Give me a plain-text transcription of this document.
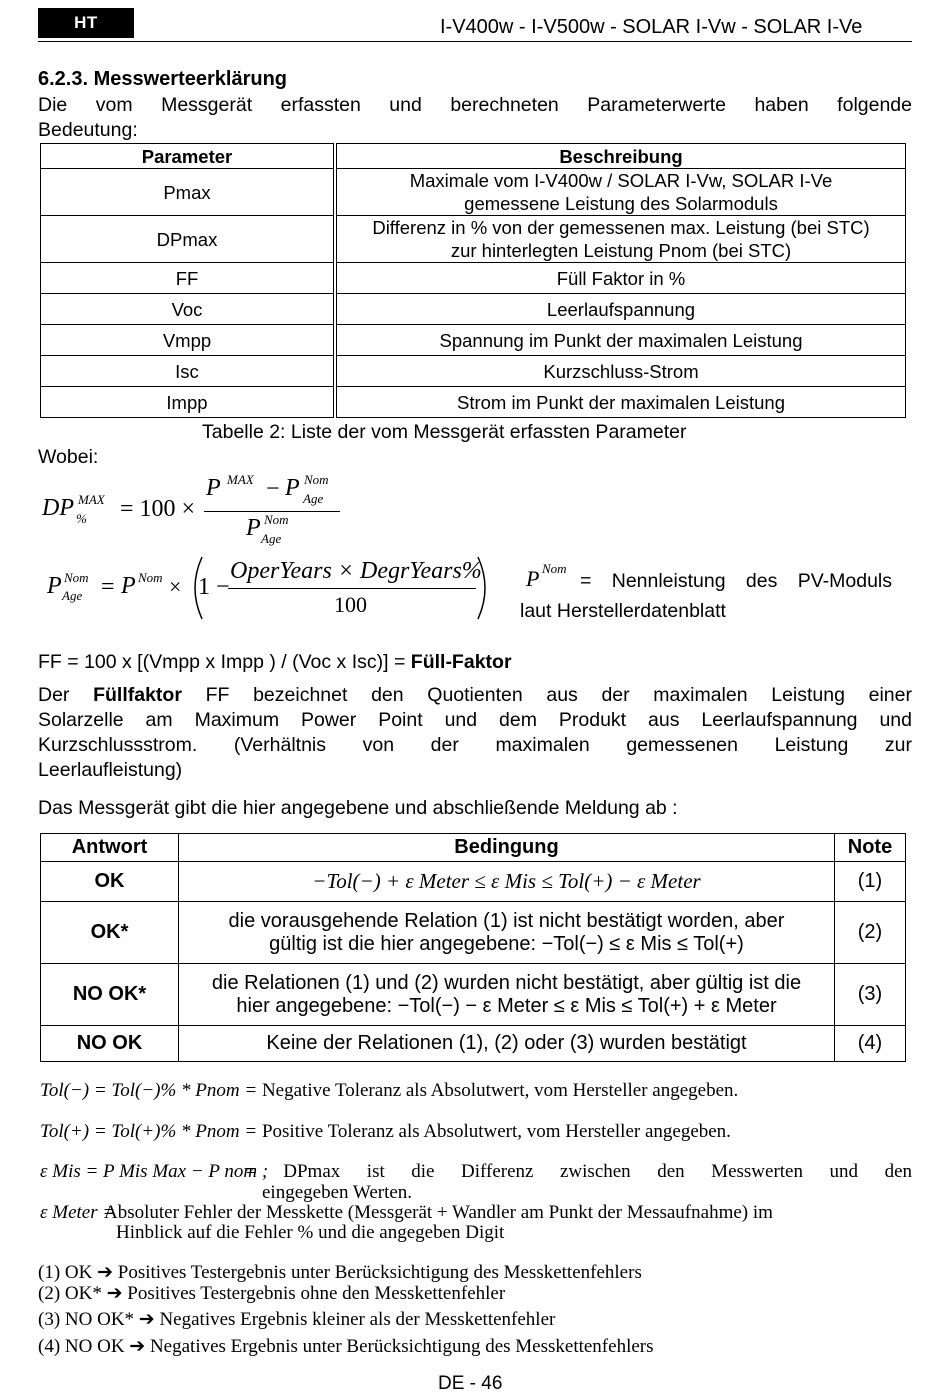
HT	I-V400w - I-V500w - SOLAR I-Vw - SOLAR I-Ve
6.2.3. Messwerteerklärung
Die vom Messgerät erfassten und berechneten Parameterwerte haben folgende
Bedeutung:
Parameter	Beschreibung
Pmax	Maximale vom I-V400w / SOLAR I-Vw, SOLAR I-Ve
gemessene Leistung des Solarmoduls

DPmax	Differenz in % von der gemessenen max. Leistung (bei STC)
zur hinterlegten Leistung Pnom (bei STC)

FF	Füll Faktor in %
Voc	Leerlaufspannung
Vmpp	Spannung im Punkt der maximalen Leistung
Isc	Kurzschluss-Strom
Impp	Strom im Punkt der maximalen Leistung
Tabelle 2: Liste der vom Messgerät erfassten Parameter
Wobei:
DP MAX
% = 100 ×
P MAX − P Nom
Age
P Nom
Age
P Nom
Age = P Nom × 1 −
OperYears × DegrYears%
100
P Nom
= Nennleistung des PV-Moduls
laut Herstellerdatenblatt
FF = 100 x [(Vmpp x Impp ) / (Voc x Isc)] = Füll-Faktor
Der Füllfaktor FF bezeichnet den Quotienten aus der maximalen Leistung einer
Solarzelle am Maximum Power Point und dem Produkt aus Leerlaufspannung und
Kurzschlussstrom. (Verhältnis von der maximalen gemessenen Leistung zur
Leerlaufleistung)
Das Messgerät gibt die hier angegebene und abschließende Meldung ab :
Antwort	Bedingung	Note
OK	−Tol(−) + ε Meter ≤ ε Mis ≤ Tol(+) − ε Meter	(1)
OK*	die vorausgehende Relation (1) ist nicht bestätigt worden, aber
gültig ist die hier angegebene: −Tol(−) ≤ ε Mis ≤ Tol(+)	(2)
NO OK*	die Relationen (1) und (2) wurden nicht bestätigt, aber gültig ist die
hier angegebene: −Tol(−) − ε Meter ≤ ε Mis ≤ Tol(+) + ε Meter	(3)
NO OK	Keine der Relationen (1), (2) oder (3) wurden bestätigt	(4)
Tol(−) = Tol(−)% * Pnom = Negative Toleranz als Absolutwert, vom Hersteller angegeben.
Tol(+) = Tol(+)% * Pnom = Positive Toleranz als Absolutwert, vom Hersteller angegeben.
ε Mis = P Mis Max − P nom ;
= DPmax ist die Differenz zwischen den Messwerten und den
eingegeben Werten.
ε Meter =
Absoluter Fehler der Messkette (Messgerät + Wandler am Punkt der Messaufnahme) im
Hinblick auf die Fehler % und die angegeben Digit
(1) OK ➔ Positives Testergebnis unter Berücksichtigung des Messkettenfehlers
(2) OK* ➔ Positives Testergebnis ohne den Messkettenfehler
(3) NO OK* ➔ Negatives Ergebnis kleiner als der Messkettenfehler
(4) NO OK ➔ Negatives Ergebnis unter Berücksichtigung des Messkettenfehlers
DE - 46
